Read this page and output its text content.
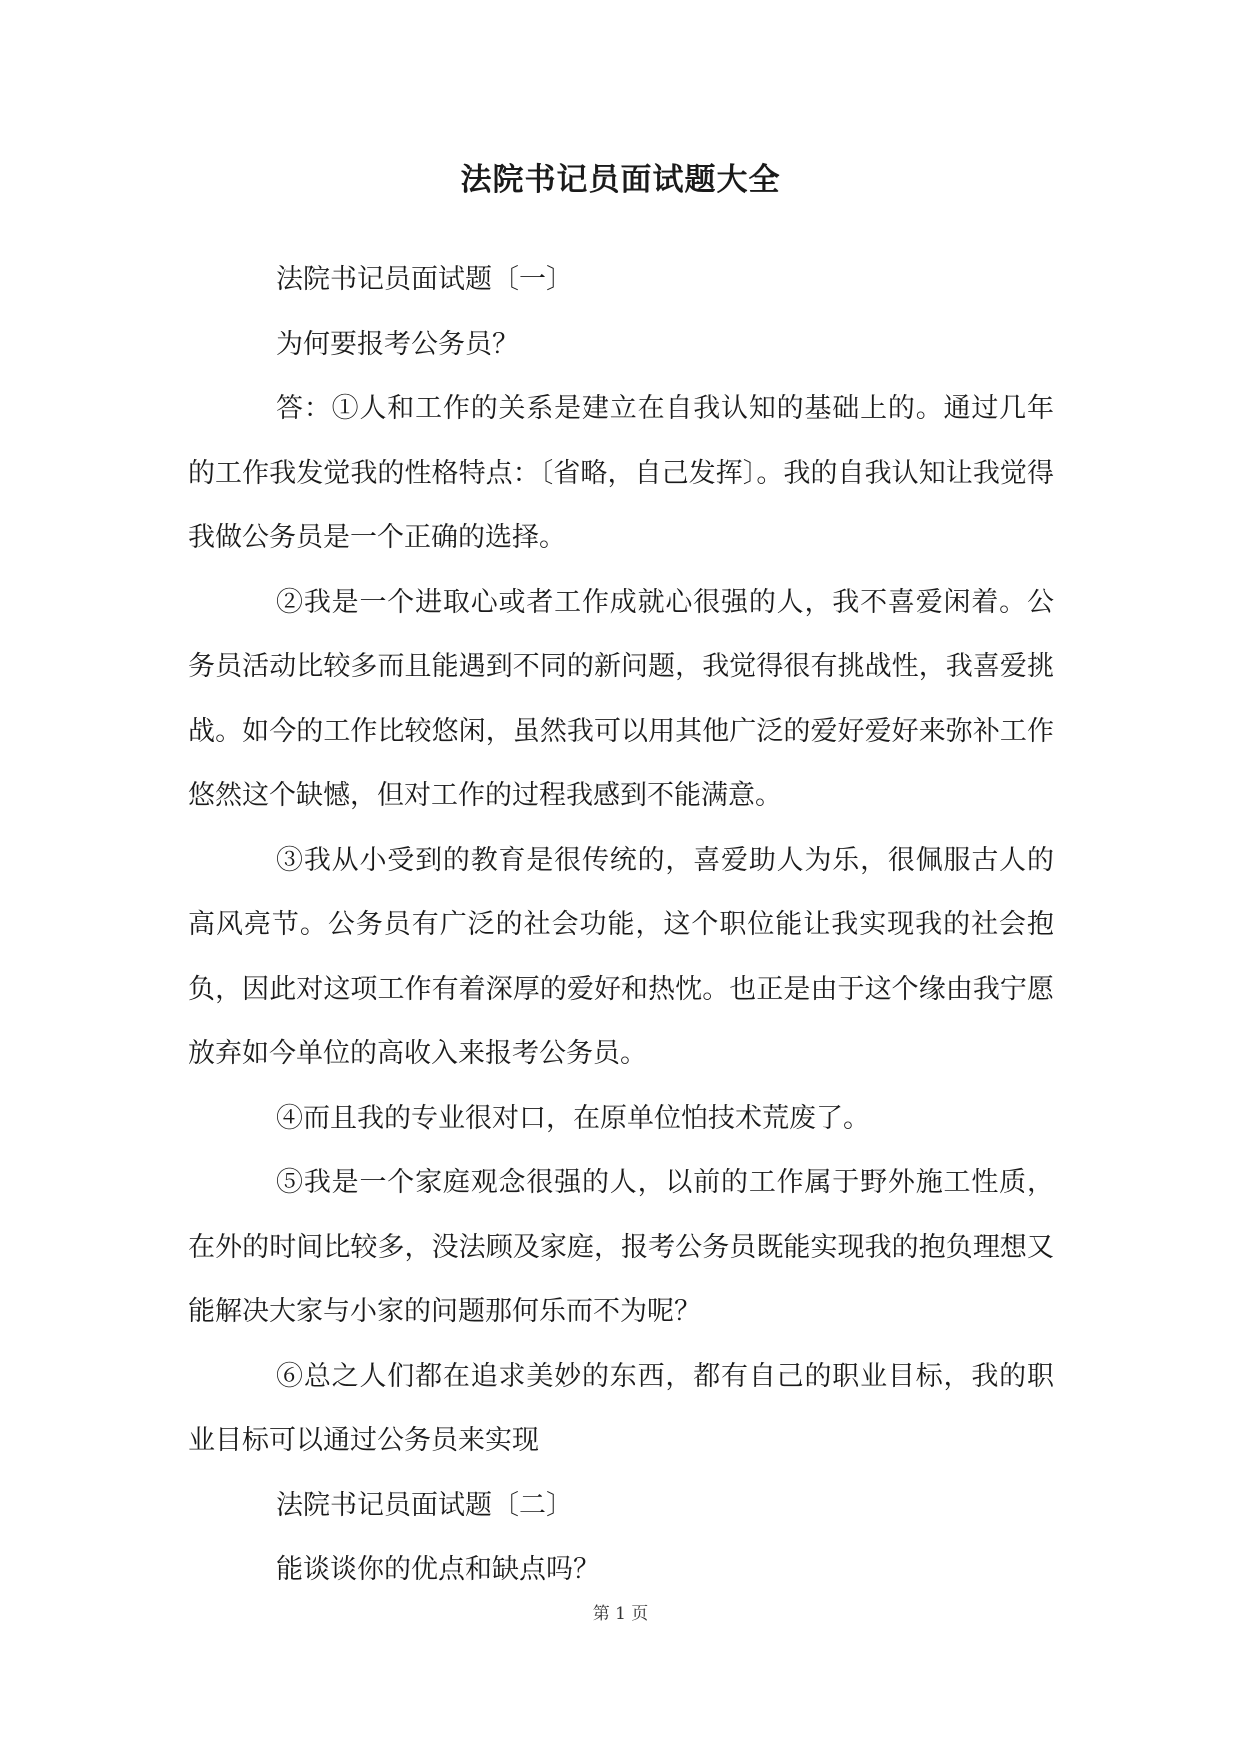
法院书记员面试题大全

法院书记员面试题〔一〕

为何要报考公务员？

答：①人和工作的关系是建立在自我认知的基础上的。通过几年的工作我发觉我的性格特点：〔省略，自己发挥〕。我的自我认知让我觉得我做公务员是一个正确的选择。

②我是一个进取心或者工作成就心很强的人，我不喜爱闲着。公务员活动比较多而且能遇到不同的新问题，我觉得很有挑战性，我喜爱挑战。如今的工作比较悠闲，虽然我可以用其他广泛的爱好爱好来弥补工作悠然这个缺憾，但对工作的过程我感到不能满意。

③我从小受到的教育是很传统的，喜爱助人为乐，很佩服古人的高风亮节。公务员有广泛的社会功能，这个职位能让我实现我的社会抱负，因此对这项工作有着深厚的爱好和热忱。也正是由于这个缘由我宁愿放弃如今单位的高收入来报考公务员。

④而且我的专业很对口，在原单位怕技术荒废了。

⑤我是一个家庭观念很强的人，以前的工作属于野外施工性质，在外的时间比较多，没法顾及家庭，报考公务员既能实现我的抱负理想又能解决大家与小家的问题那何乐而不为呢？

⑥总之人们都在追求美妙的东西，都有自己的职业目标，我的职业目标可以通过公务员来实现

法院书记员面试题〔二〕

能谈谈你的优点和缺点吗？

第 1 页
